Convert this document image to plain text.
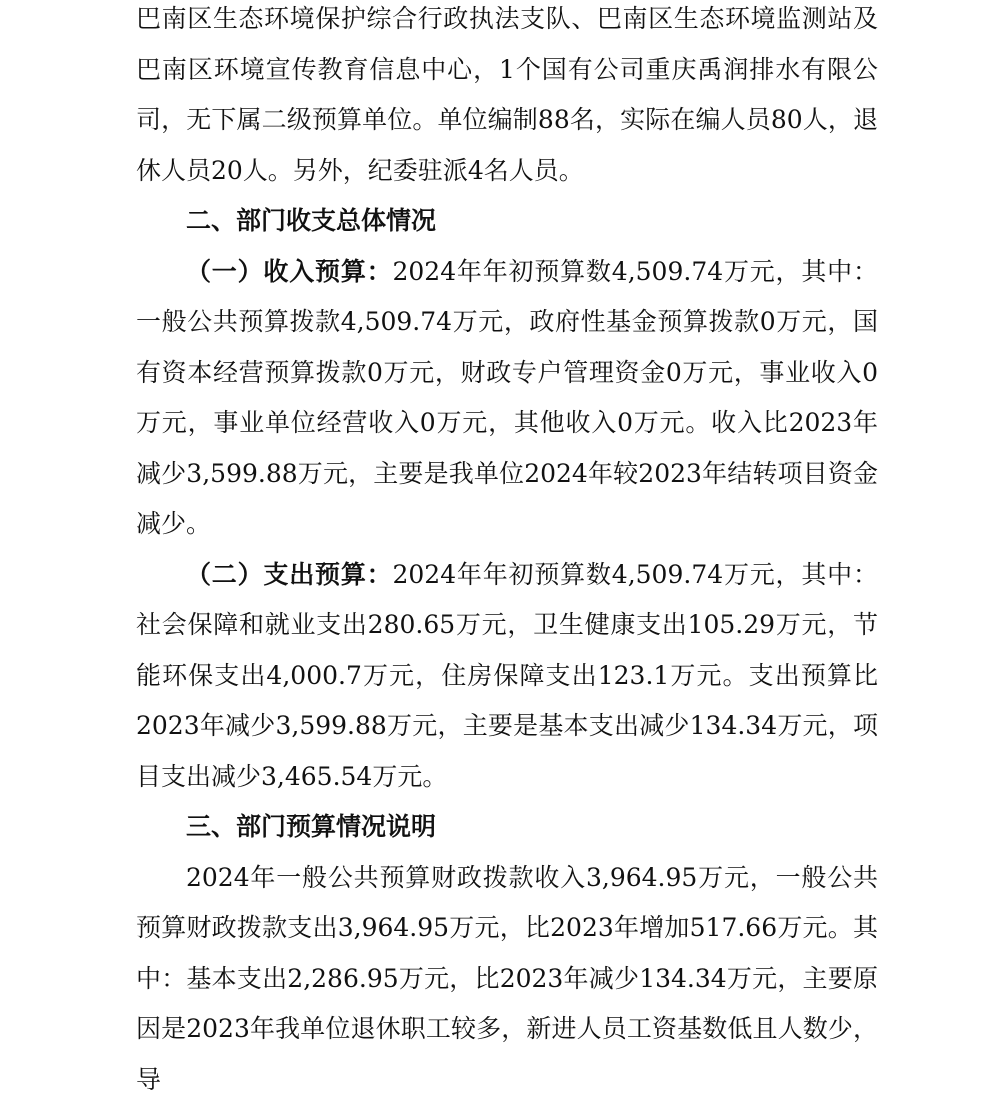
巴南区生态环境保护综合行政执法支队、巴南区生态环境监测站及巴南区环境宣传教育信息中心，1个国有公司重庆禹润排水有限公司，无下属二级预算单位。单位编制88名，实际在编人员80人，退休人员20人。另外，纪委驻派4名人员。

二、部门收支总体情况

（一）收入预算：2024年年初预算数4,509.74万元，其中：一般公共预算拨款4,509.74万元，政府性基金预算拨款0万元，国有资本经营预算拨款0万元，财政专户管理资金0万元，事业收入0万元，事业单位经营收入0万元，其他收入0万元。收入比2023年减少3,599.88万元，主要是我单位2024年较2023年结转项目资金减少。

（二）支出预算：2024年年初预算数4,509.74万元，其中：社会保障和就业支出280.65万元，卫生健康支出105.29万元，节能环保支出4,000.7万元，住房保障支出123.1万元。支出预算比2023年减少3,599.88万元，主要是基本支出减少134.34万元，项目支出减少3,465.54万元。

三、部门预算情况说明

2024年一般公共预算财政拨款收入3,964.95万元，一般公共预算财政拨款支出3,964.95万元，比2023年增加517.66万元。其中：基本支出2,286.95万元，比2023年减少134.34万元，主要原因是2023年我单位退休职工较多，新进人员工资基数低且人数少，导
